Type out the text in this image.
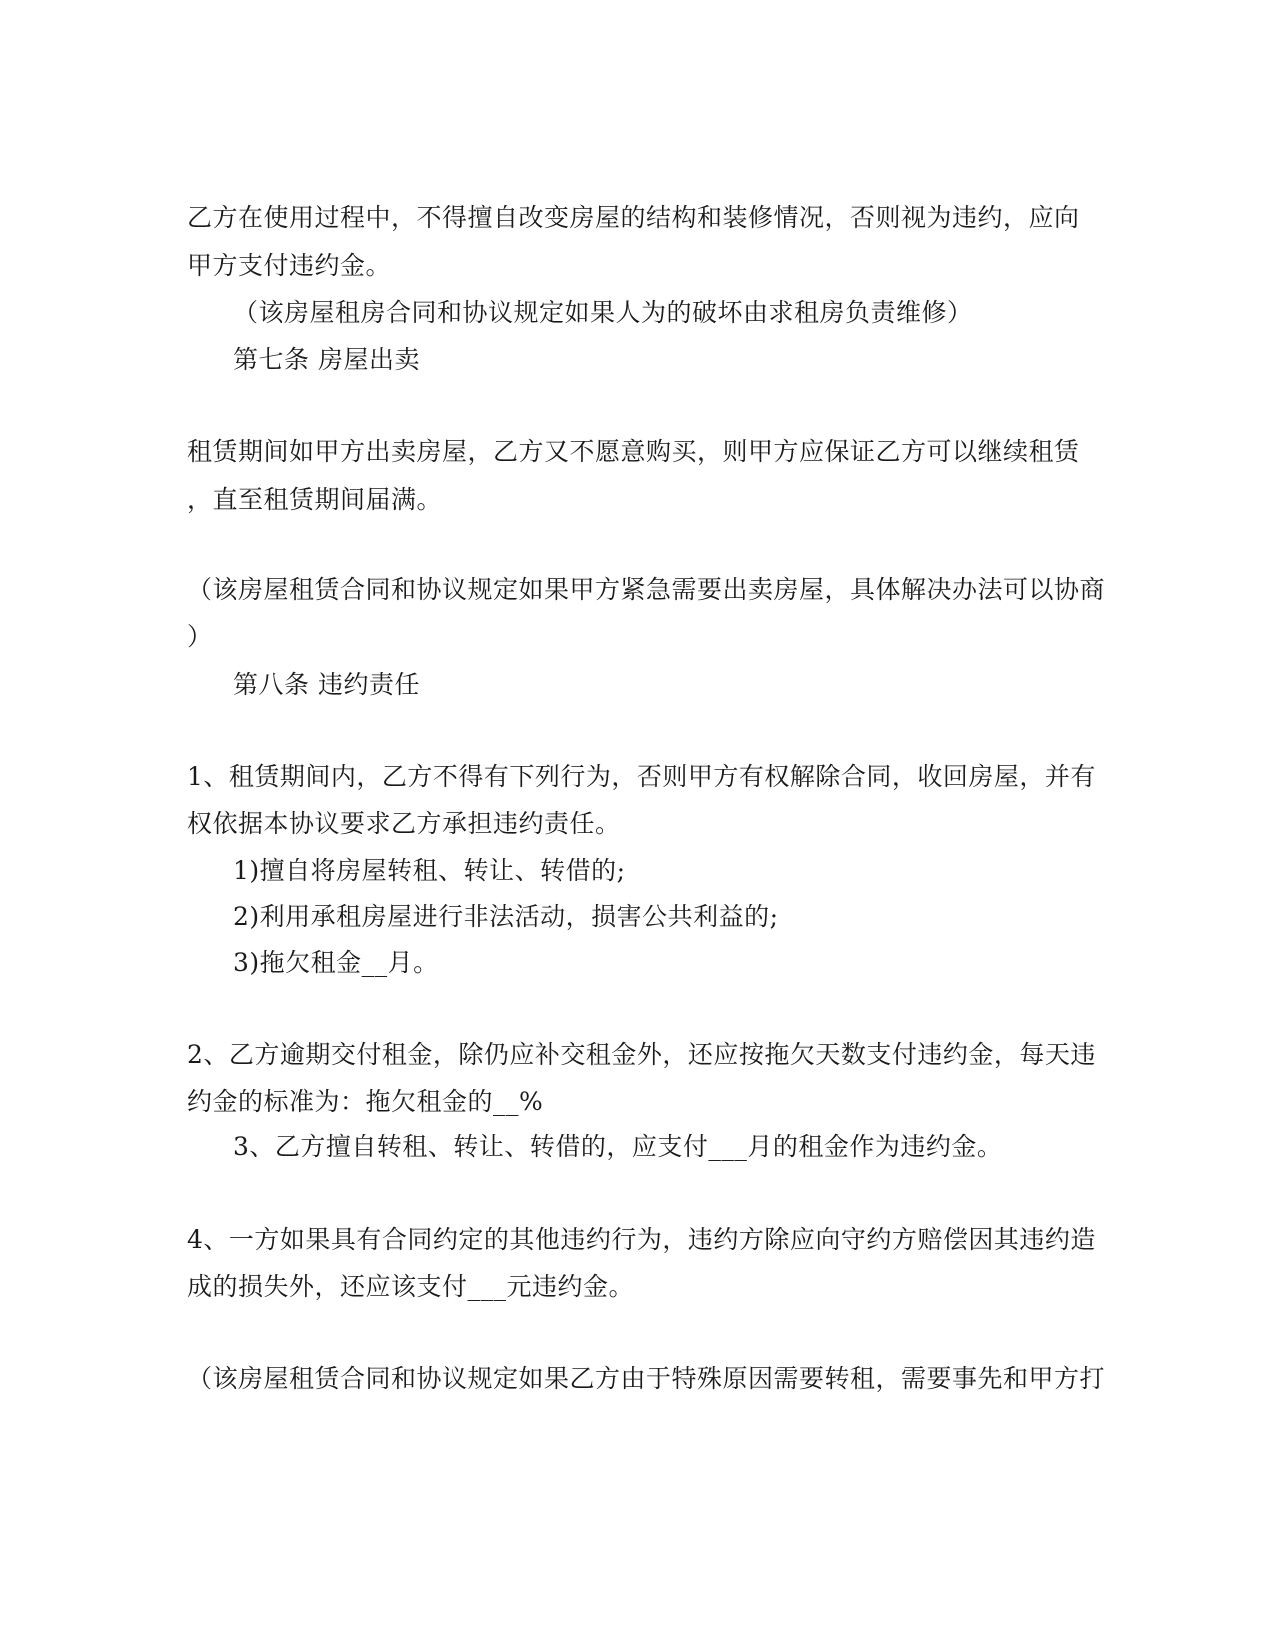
乙方在使用过程中，不得擅自改变房屋的结构和装修情况，否则视为违约，应向
甲方支付违约金。
（该房屋租房合同和协议规定如果人为的破坏由求租房负责维修）
第七条 房屋出卖
租赁期间如甲方出卖房屋，乙方又不愿意购买，则甲方应保证乙方可以继续租赁
，直至租赁期间届满。
（该房屋租赁合同和协议规定如果甲方紧急需要出卖房屋，具体解决办法可以协商
）
第八条 违约责任
1、租赁期间内，乙方不得有下列行为，否则甲方有权解除合同，收回房屋，并有
权依据本协议要求乙方承担违约责任。
1)擅自将房屋转租、转让、转借的;
2)利用承租房屋进行非法活动，损害公共利益的;
3)拖欠租金__月。
2、乙方逾期交付租金，除仍应补交租金外，还应按拖欠天数支付违约金，每天违
约金的标准为：拖欠租金的__%
3、乙方擅自转租、转让、转借的，应支付___月的租金作为违约金。
4、一方如果具有合同约定的其他违约行为，违约方除应向守约方赔偿因其违约造
成的损失外，还应该支付___元违约金。
（该房屋租赁合同和协议规定如果乙方由于特殊原因需要转租，需要事先和甲方打
